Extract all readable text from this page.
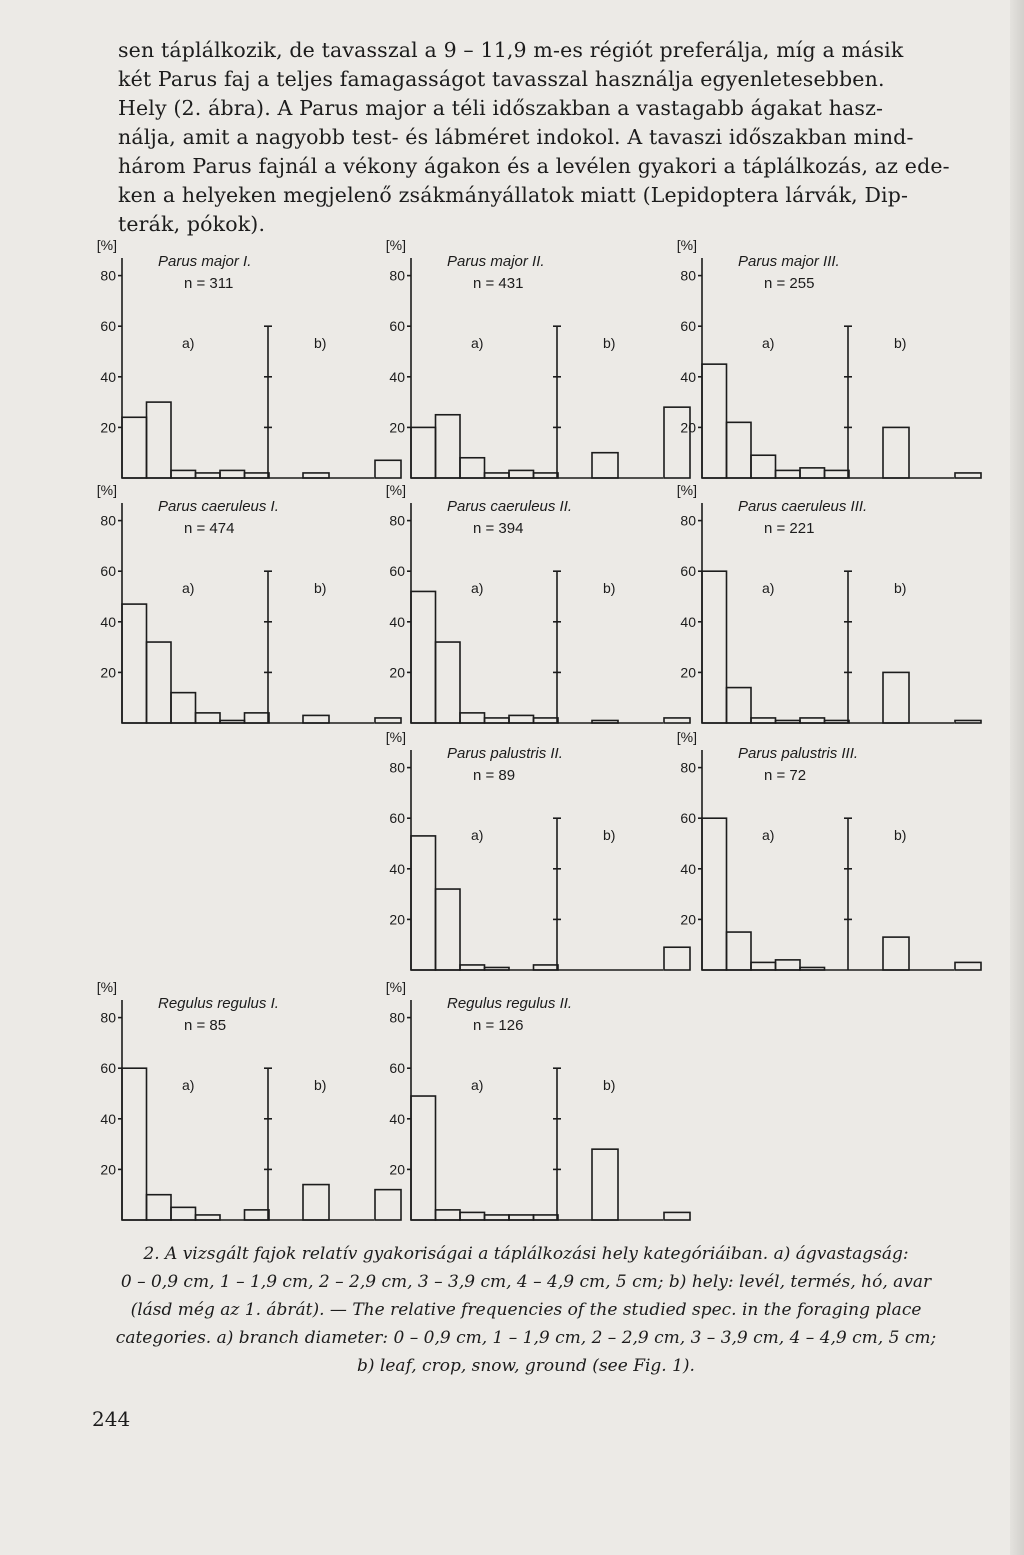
sen táplálkozik, de tavasszal a 9 – 11,9 m-es régiót preferálja, míg a másik

két Parus faj a teljes famagasságot tavasszal használja egyenletesebben.

Hely (2. ábra). A Parus major a téli időszakban a vastagabb ágakat hasz-

nálja, amit a nagyobb test- és lábméret indokol. A tavaszi időszakban mind-

három Parus fajnál a vékony ágakon és a levélen gyakori a táplálkozás, az ede-

ken a helyeken megjelenő zsákmányállatok miatt (Lepidoptera lárvák, Dip-

terák, pókok).

20
40
60
80
[%]
Parus major I.
n = 311
a)	b)
20
40
60
80
[%]
Parus major II.
n = 431
a)	b)
20
40
60
80
[%]
Parus major III.
n = 255
a)	b)
20
40
60
80
[%]
Parus caeruleus I.
n = 474
a)	b)
20
40
60
80
[%]
Parus caeruleus II.
n = 394
a)	b)
20
40
60
80
[%]
Parus caeruleus III.
n = 221
a)	b)
20
40
60
80
[%]
Parus palustris II.
n = 89
a)	b)
20
40
60
80
[%]
Parus palustris III.
n = 72
a)	b)
20
40
60
80
[%]
Regulus regulus I.
n = 85
a)	b)
20
40
60
80
[%]
Regulus regulus II.
n = 126
a)	b)

2. A vizsgált fajok relatív gyakoriságai a táplálkozási hely kategóriáiban. a) ágvastagság:

0 – 0,9 cm, 1 – 1,9 cm, 2 – 2,9 cm, 3 – 3,9 cm, 4 – 4,9 cm, 5 cm; b) hely: levél, termés, hó, avar

(lásd még az 1. ábrát). — The relative frequencies of the studied spec. in the foraging place

categories. a) branch diameter: 0 – 0,9 cm, 1 – 1,9 cm, 2 – 2,9 cm, 3 – 3,9 cm, 4 – 4,9 cm, 5 cm;

b) leaf, crop, snow, ground (see Fig. 1).

244
